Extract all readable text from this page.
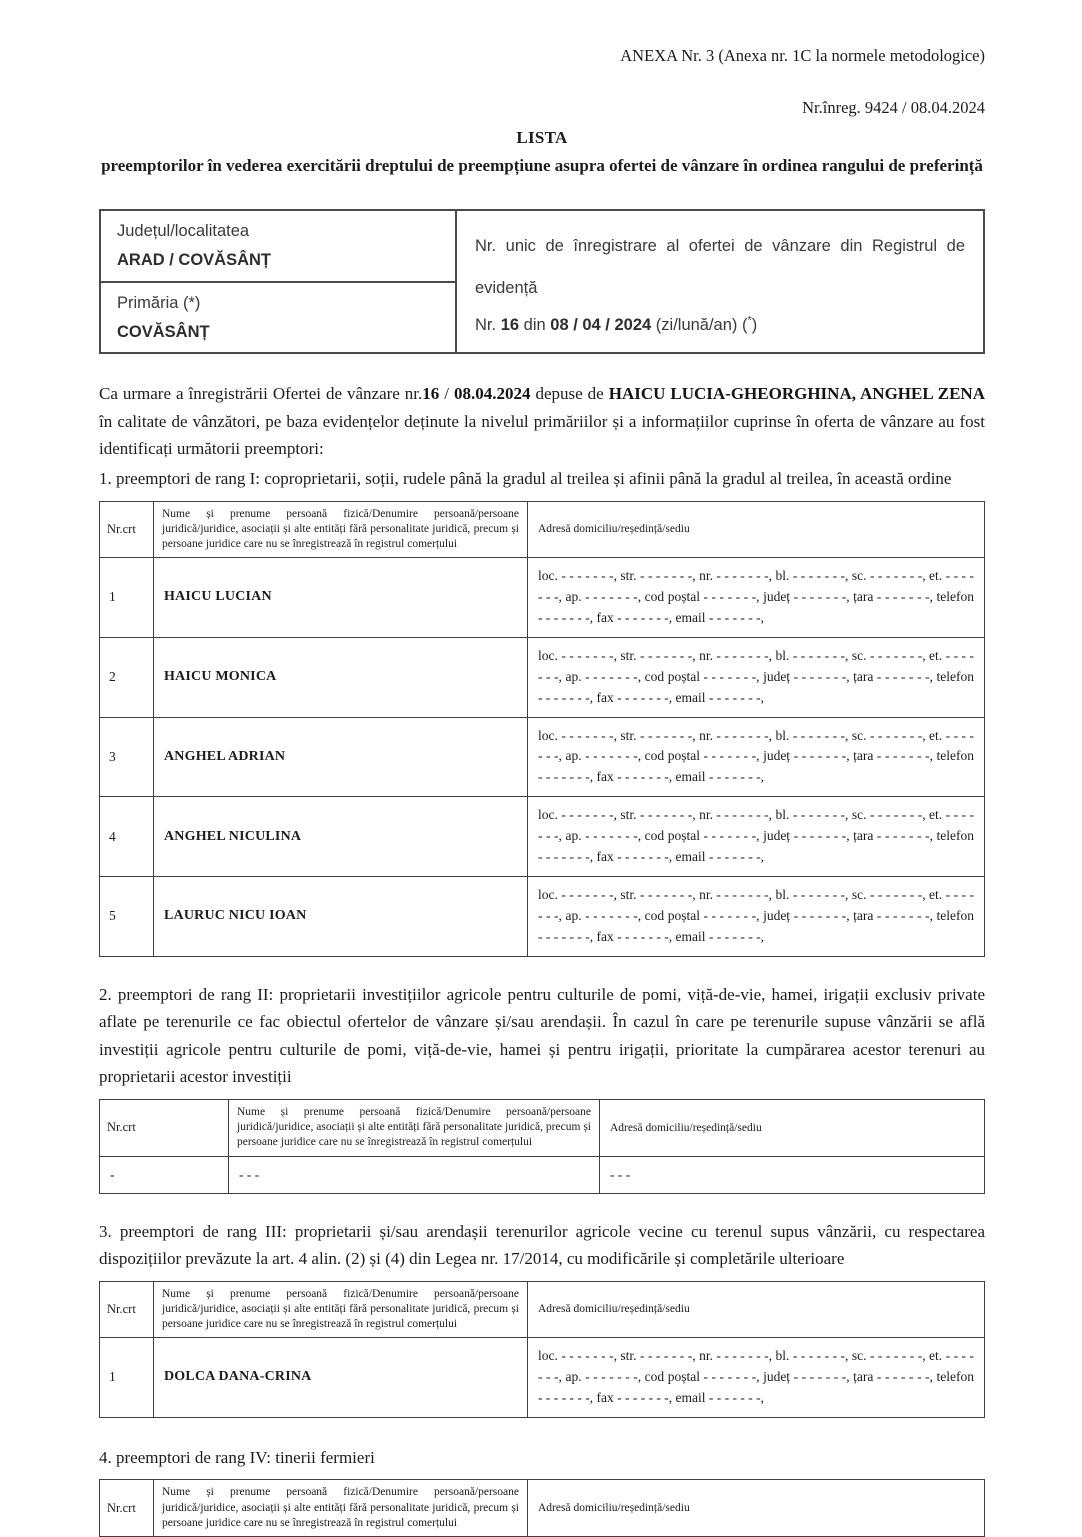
ANEXA Nr. 3 (Anexa nr. 1C la normele metodologice)
Nr.înreg. 9424 / 08.04.2024
LISTA
preemptorilor în vederea exercitării dreptului de preempțiune asupra ofertei de vânzare în ordinea rangului de preferință
Județul/localitatea
ARAD / COVĂSÂNȚ

Nr. unic de înregistrare al ofertei de vânzare din Registrul de evidență
Nr. 16 din 08 / 04 / 2024 (zi/lună/an) (*)

Primăria (*)
COVĂSÂNȚ

Ca urmare a înregistrării Ofertei de vânzare nr.16 / 08.04.2024 depuse de HAICU LUCIA-GHEORGHINA, ANGHEL ZENA în calitate de vânzători, pe baza evidențelor deținute la nivelul primăriilor și a informațiilor cuprinse în oferta de vânzare au fost identificați următorii preemptori:

1. preemptori de rang I: coproprietarii, soții, rudele până la gradul al treilea și afinii până la gradul al treilea, în această ordine

Nr.crt	Nume și prenume persoană fizică/Denumire persoană/persoane juridică/juridice, asociații și alte entități fără personalitate juridică, precum și persoane juridice care nu se înregistrează în registrul comerțului	Adresă domiciliu/reședință/sediu
1	HAICU LUCIAN	loc. - - - - - - -, str. - - - - - - -, nr. - - - - - - -, bl. - - - - - - -, sc. - - - - - - -, et. - - - - - - -, ap. - - - - - - -, cod poștal - - - - - - -, județ - - - - - - -, țara - - - - - - -, telefon - - - - - - -, fax - - - - - - -, email - - - - - - -,
2	HAICU MONICA	loc. - - - - - - -, str. - - - - - - -, nr. - - - - - - -, bl. - - - - - - -, sc. - - - - - - -, et. - - - - - - -, ap. - - - - - - -, cod poștal - - - - - - -, județ - - - - - - -, țara - - - - - - -, telefon - - - - - - -, fax - - - - - - -, email - - - - - - -,
3	ANGHEL ADRIAN	loc. - - - - - - -, str. - - - - - - -, nr. - - - - - - -, bl. - - - - - - -, sc. - - - - - - -, et. - - - - - - -, ap. - - - - - - -, cod poștal - - - - - - -, județ - - - - - - -, țara - - - - - - -, telefon - - - - - - -, fax - - - - - - -, email - - - - - - -,
4	ANGHEL NICULINA	loc. - - - - - - -, str. - - - - - - -, nr. - - - - - - -, bl. - - - - - - -, sc. - - - - - - -, et. - - - - - - -, ap. - - - - - - -, cod poștal - - - - - - -, județ - - - - - - -, țara - - - - - - -, telefon - - - - - - -, fax - - - - - - -, email - - - - - - -,
5	LAURUC NICU IOAN	loc. - - - - - - -, str. - - - - - - -, nr. - - - - - - -, bl. - - - - - - -, sc. - - - - - - -, et. - - - - - - -, ap. - - - - - - -, cod poștal - - - - - - -, județ - - - - - - -, țara - - - - - - -, telefon - - - - - - -, fax - - - - - - -, email - - - - - - -,

2. preemptori de rang II: proprietarii investițiilor agricole pentru culturile de pomi, viță-de-vie, hamei, irigații exclusiv private aflate pe terenurile ce fac obiectul ofertelor de vânzare și/sau arendașii. În cazul în care pe terenurile supuse vânzării se află investiții agricole pentru culturile de pomi, viță-de-vie, hamei și pentru irigații, prioritate la cumpărarea acestor terenuri au proprietarii acestor investiții

Nr.crt	Nume și prenume persoană fizică/Denumire persoană/persoane juridică/juridice, asociații și alte entități fără personalitate juridică, precum și persoane juridice care nu se înregistrează în registrul comerțului	Adresă domiciliu/reședință/sediu
-	- - -	- - -

3. preemptori de rang III: proprietarii și/sau arendașii terenurilor agricole vecine cu terenul supus vânzării, cu respectarea dispozițiilor prevăzute la art. 4 alin. (2) și (4) din Legea nr. 17/2014, cu modificările și completările ulterioare

Nr.crt	Nume și prenume persoană fizică/Denumire persoană/persoane juridică/juridice, asociații și alte entități fără personalitate juridică, precum și persoane juridice care nu se înregistrează în registrul comerțului	Adresă domiciliu/reședință/sediu
1	DOLCA DANA-CRINA	loc. - - - - - - -, str. - - - - - - -, nr. - - - - - - -, bl. - - - - - - -, sc. - - - - - - -, et. - - - - - - -, ap. - - - - - - -, cod poștal - - - - - - -, județ - - - - - - -, țara - - - - - - -, telefon - - - - - - -, fax - - - - - - -, email - - - - - - -,

4. preemptori de rang IV: tinerii fermieri

Nr.crt	Nume și prenume persoană fizică/Denumire persoană/persoane juridică/juridice, asociații și alte entități fără personalitate juridică, precum și persoane juridice care nu se înregistrează în registrul comerțului	Adresă domiciliu/reședință/sediu
